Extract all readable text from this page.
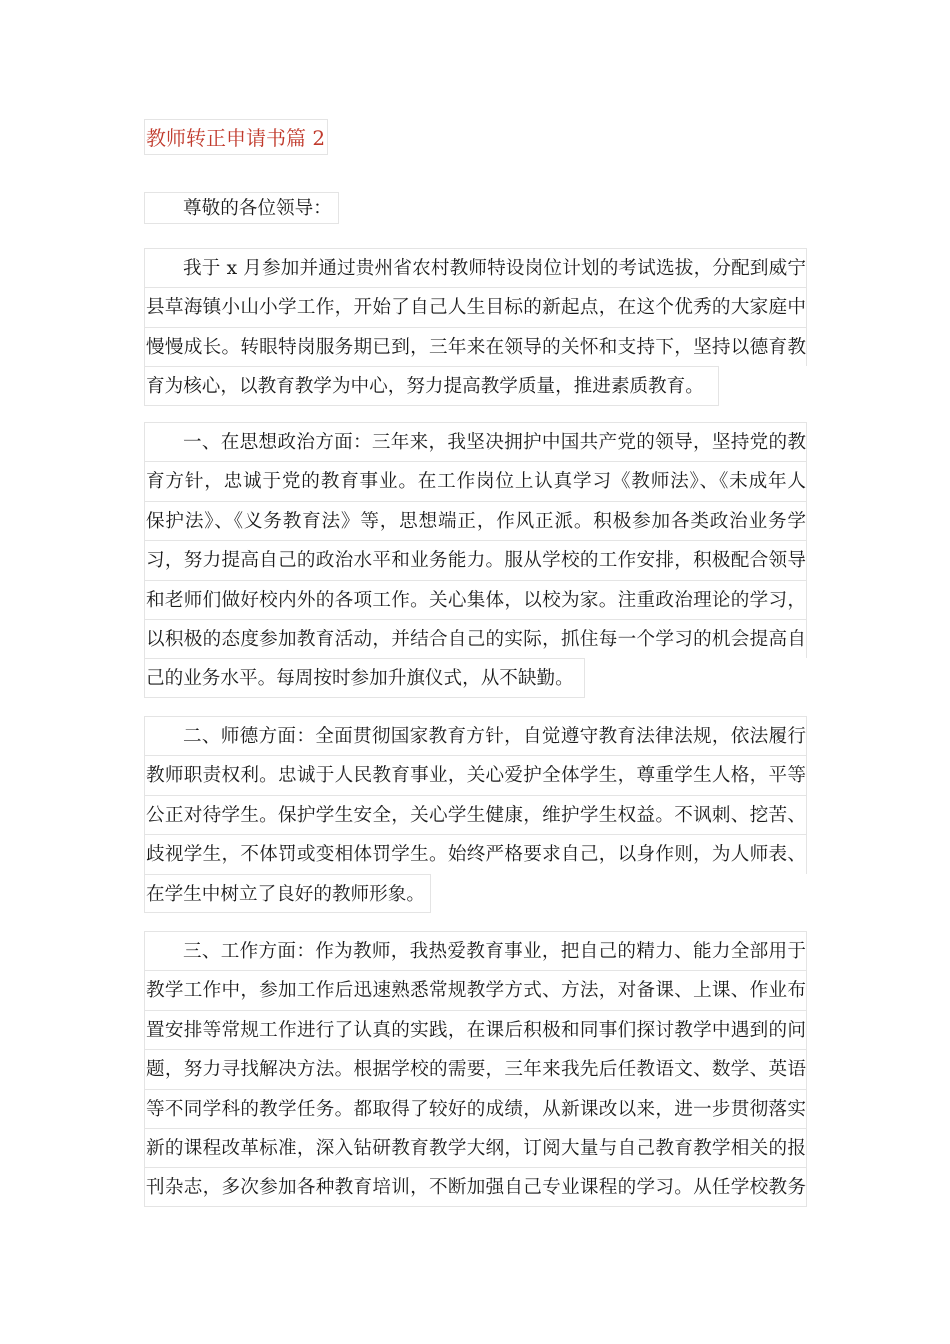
教师转正申请书篇 2
尊敬的各位领导：
我于 x 月参加并通过贵州省农村教师特设岗位计划的考试选拔，分配到威宁
县草海镇小山小学工作，开始了自己人生目标的新起点，在这个优秀的大家庭中
慢慢成长。转眼特岗服务期已到，三年来在领导的关怀和支持下，坚持以德育教
育为核心，以教育教学为中心，努力提高教学质量，推进素质教育。
一、在思想政治方面：三年来，我坚决拥护中国共产党的领导，坚持党的教
育方针，忠诚于党的教育事业。在工作岗位上认真学习《教师法》、《未成年人
保护法》、《义务教育法》等，思想端正，作风正派。积极参加各类政治业务学
习，努力提高自己的政治水平和业务能力。服从学校的工作安排，积极配合领导
和老师们做好校内外的各项工作。关心集体，以校为家。注重政治理论的学习，
以积极的态度参加教育活动，并结合自己的实际，抓住每一个学习的机会提高自
己的业务水平。每周按时参加升旗仪式，从不缺勤。
二、师德方面：全面贯彻国家教育方针，自觉遵守教育法律法规，依法履行
教师职责权利。忠诚于人民教育事业，关心爱护全体学生，尊重学生人格，平等
公正对待学生。保护学生安全，关心学生健康，维护学生权益。不讽刺、挖苦、
歧视学生，不体罚或变相体罚学生。始终严格要求自己，以身作则，为人师表、
在学生中树立了良好的教师形象。
三、工作方面：作为教师，我热爱教育事业，把自己的精力、能力全部用于
教学工作中，参加工作后迅速熟悉常规教学方式、方法，对备课、上课、作业布
置安排等常规工作进行了认真的实践，在课后积极和同事们探讨教学中遇到的问
题，努力寻找解决方法。根据学校的需要，三年来我先后任教语文、数学、英语
等不同学科的教学任务。都取得了较好的成绩，从新课改以来，进一步贯彻落实
新的课程改革标准，深入钻研教育教学大纲，订阅大量与自己教育教学相关的报
刊杂志，多次参加各种教育培训，不断加强自己专业课程的学习。从任学校教务
